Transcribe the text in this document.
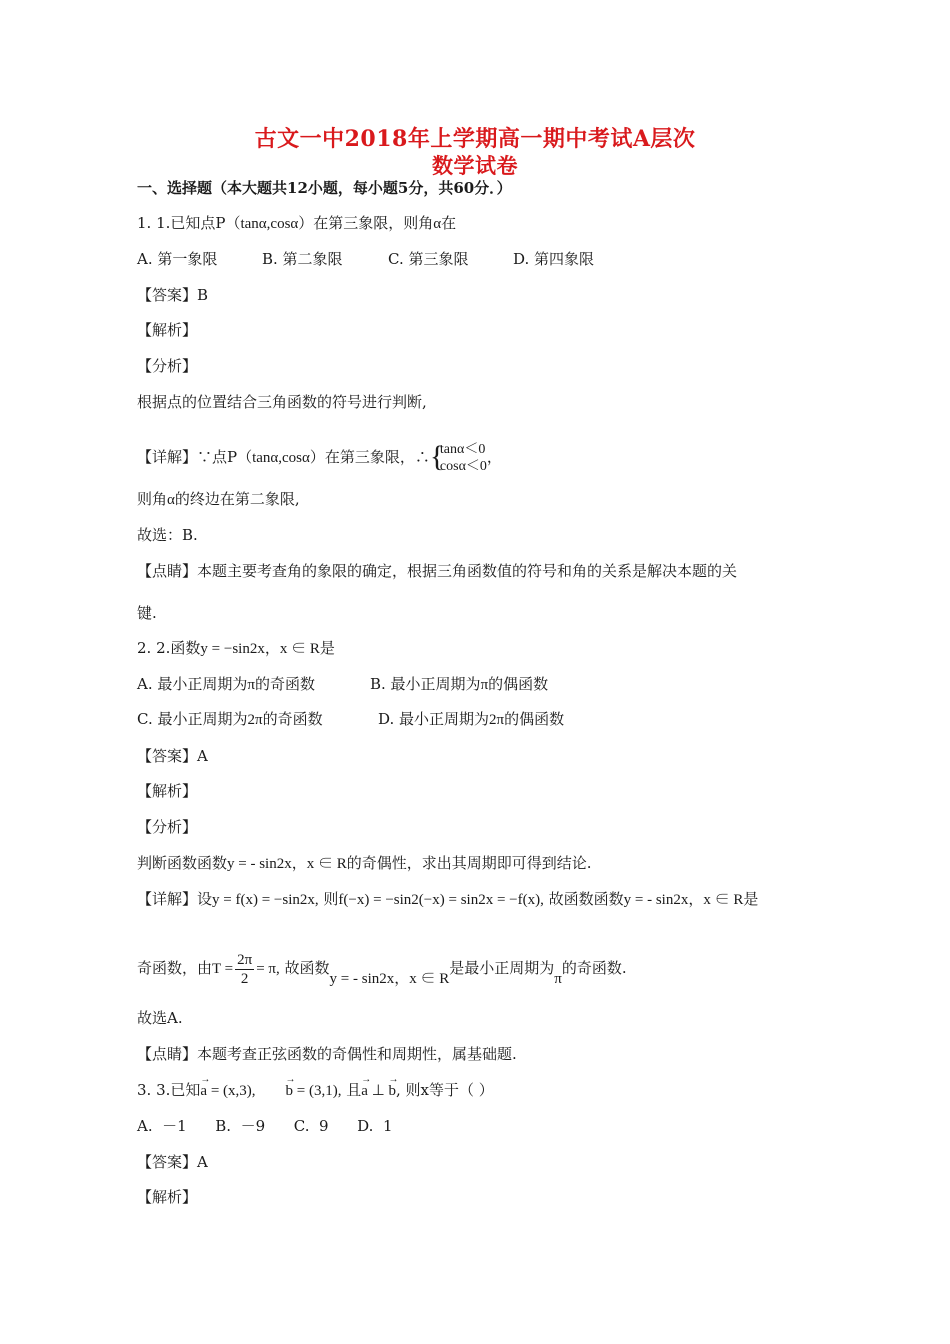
古文一中2018年上学期高一期中考试A层次
数学试卷
一、选择题（本大题共12小题，每小题5分，共60分．）
1. 1.已知点P（tanα,cosα）在第三象限，则角α在
A. 第一象限	B. 第二象限	C. 第三象限	D. 第四象限
【答案】B
【解析】
【分析】
根据点的位置结合三角函数的符号进行判断,
【详解】∵点P（tanα,cosα）在第三象限，∴ {
tanα＜0
cosα＜0
，
则角α的终边在第二象限,
故选：B.
【点睛】本题主要考查角的象限的确定，根据三角函数值的符号和角的关系是解决本题的关
键.
2. 2.函数y = −sin2x，x ∈ R是
A. 最小正周期为π的奇函数	B. 最小正周期为π的偶函数
C. 最小正周期为2π的奇函数	D. 最小正周期为2π的偶函数
【答案】A
【解析】
【分析】
判断函数函数y = - sin2x，x ∈ R的奇偶性，求出其周期即可得到结论.
【详解】设y = f(x) = −sin2x, 则f(−x) = −sin2(−x) = sin2x = −f(x), 故函数函数y = - sin2x，x ∈ R是
奇函数，由$T = \frac{2\pi}{2} = \pi$, 故函数y = - sin2x，x ∈ R是最小正周期为π的奇函数.
故选A.
【点睛】本题考查正弦函数的奇偶性和周期性，属基础题.
3. 3.已知→ a = (x,3),→ b = (3,1), 且→ a ⊥ → b, 则x等于（ ）
A.  －1      B.  －9      C.  9      D.  1
【答案】A
【解析】
